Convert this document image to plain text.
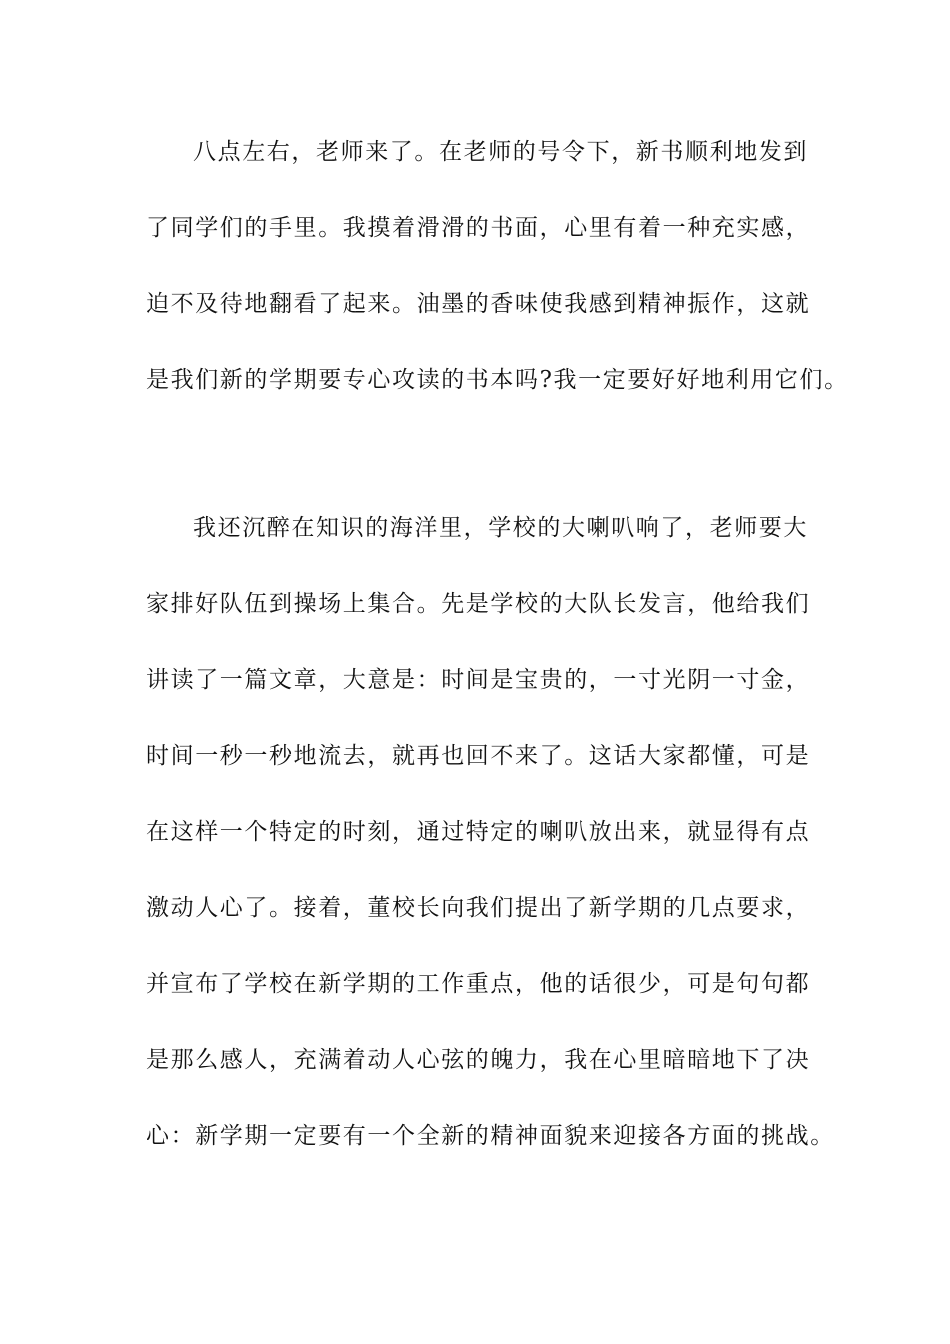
八点左右，老师来了。在老师的号令下，新书顺利地发到
了同学们的手里。我摸着滑滑的书面，心里有着一种充实感，
迫不及待地翻看了起来。油墨的香味使我感到精神振作，这就
是我们新的学期要专心攻读的书本吗?我一定要好好地利用它们。
我还沉醉在知识的海洋里，学校的大喇叭响了，老师要大
家排好队伍到操场上集合。先是学校的大队长发言，他给我们
讲读了一篇文章，大意是：时间是宝贵的，一寸光阴一寸金，
时间一秒一秒地流去，就再也回不来了。这话大家都懂，可是
在这样一个特定的时刻，通过特定的喇叭放出来，就显得有点
激动人心了。接着，董校长向我们提出了新学期的几点要求，
并宣布了学校在新学期的工作重点，他的话很少，可是句句都
是那么感人，充满着动人心弦的魄力，我在心里暗暗地下了决
心：新学期一定要有一个全新的精神面貌来迎接各方面的挑战。
